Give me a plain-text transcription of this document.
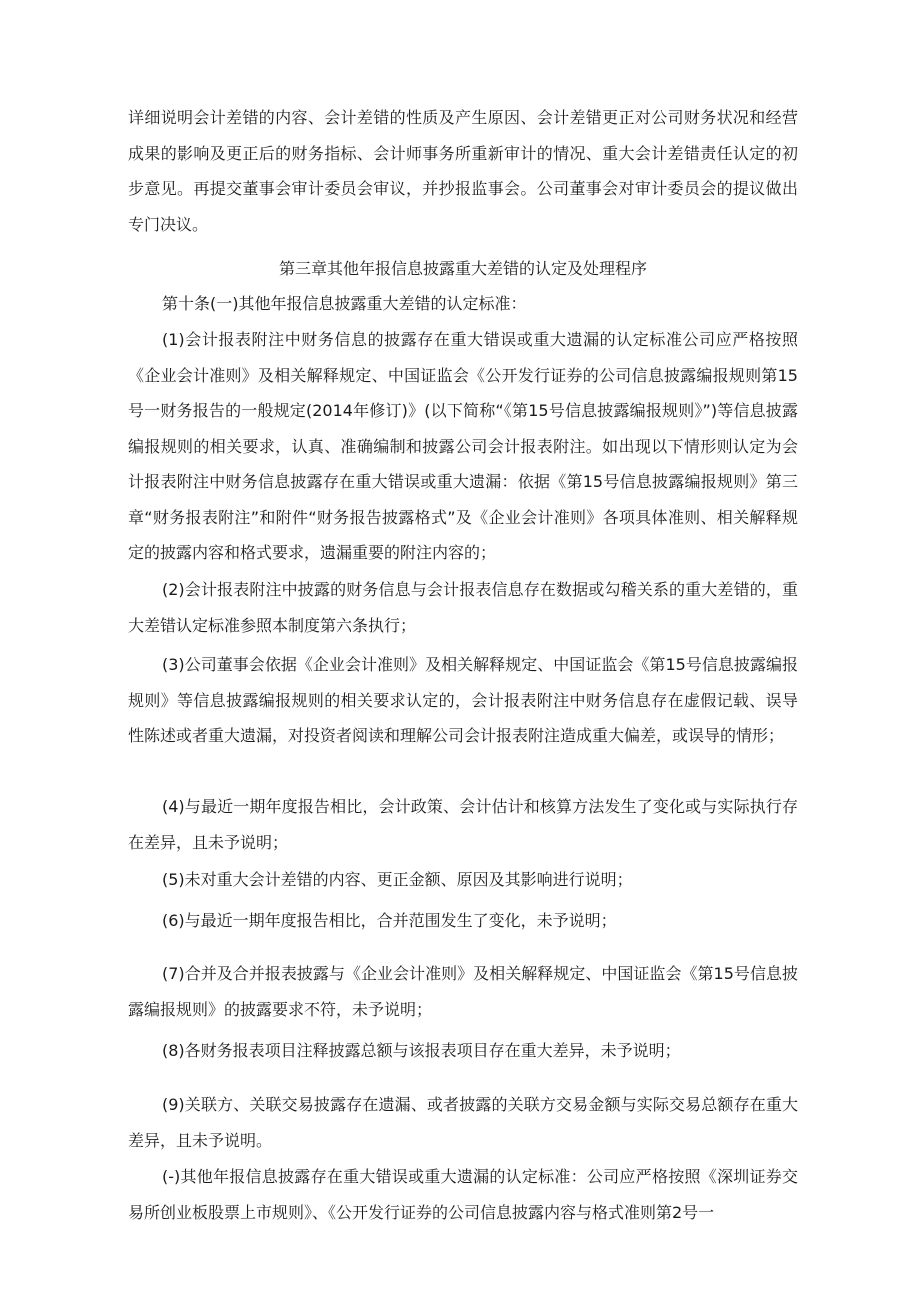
详细说明会计差错的内容、会计差错的性质及产生原因、会计差错更正对公司财务状况和经营成果的影响及更正后的财务指标、会计师事务所重新审计的情况、重大会计差错责任认定的初步意见。再提交董事会审计委员会审议，并抄报监事会。公司董事会对审计委员会的提议做出专门决议。

第三章其他年报信息披露重大差错的认定及处理程序

第十条(一)其他年报信息披露重大差错的认定标准：

(1)会计报表附注中财务信息的披露存在重大错误或重大遗漏的认定标准公司应严格按照《企业会计准则》及相关解释规定、中国证监会《公开发行证券的公司信息披露编报规则第15号一财务报告的一般规定(2014年修订)》(以下简称“《第15号信息披露编报规则》”)等信息披露编报规则的相关要求，认真、准确编制和披露公司会计报表附注。如出现以下情形则认定为会计报表附注中财务信息披露存在重大错误或重大遗漏：依据《第15号信息披露编报规则》第三章“财务报表附注”和附件“财务报告披露格式”及《企业会计准则》各项具体准则、相关解释规定的披露内容和格式要求，遗漏重要的附注内容的；

(2)会计报表附注中披露的财务信息与会计报表信息存在数据或勾稽关系的重大差错的，重大差错认定标准参照本制度第六条执行；

(3)公司董事会依据《企业会计准则》及相关解释规定、中国证监会《第15号信息披露编报规则》等信息披露编报规则的相关要求认定的，会计报表附注中财务信息存在虚假记载、误导性陈述或者重大遗漏，对投资者阅读和理解公司会计报表附注造成重大偏差，或误导的情形；

(4)与最近一期年度报告相比，会计政策、会计估计和核算方法发生了变化或与实际执行存在差异，且未予说明；

(5)未对重大会计差错的内容、更正金额、原因及其影响进行说明；

(6)与最近一期年度报告相比，合并范围发生了变化，未予说明；

(7)合并及合并报表披露与《企业会计准则》及相关解释规定、中国证监会《第15号信息披露编报规则》的披露要求不符，未予说明；

(8)各财务报表项目注释披露总额与该报表项目存在重大差异，未予说明；

(9)关联方、关联交易披露存在遗漏、或者披露的关联方交易金额与实际交易总额存在重大差异，且未予说明。

(-)其他年报信息披露存在重大错误或重大遗漏的认定标准：公司应严格按照《深圳证券交易所创业板股票上市规则》、《公开发行证券的公司信息披露内容与格式准则第2号一
